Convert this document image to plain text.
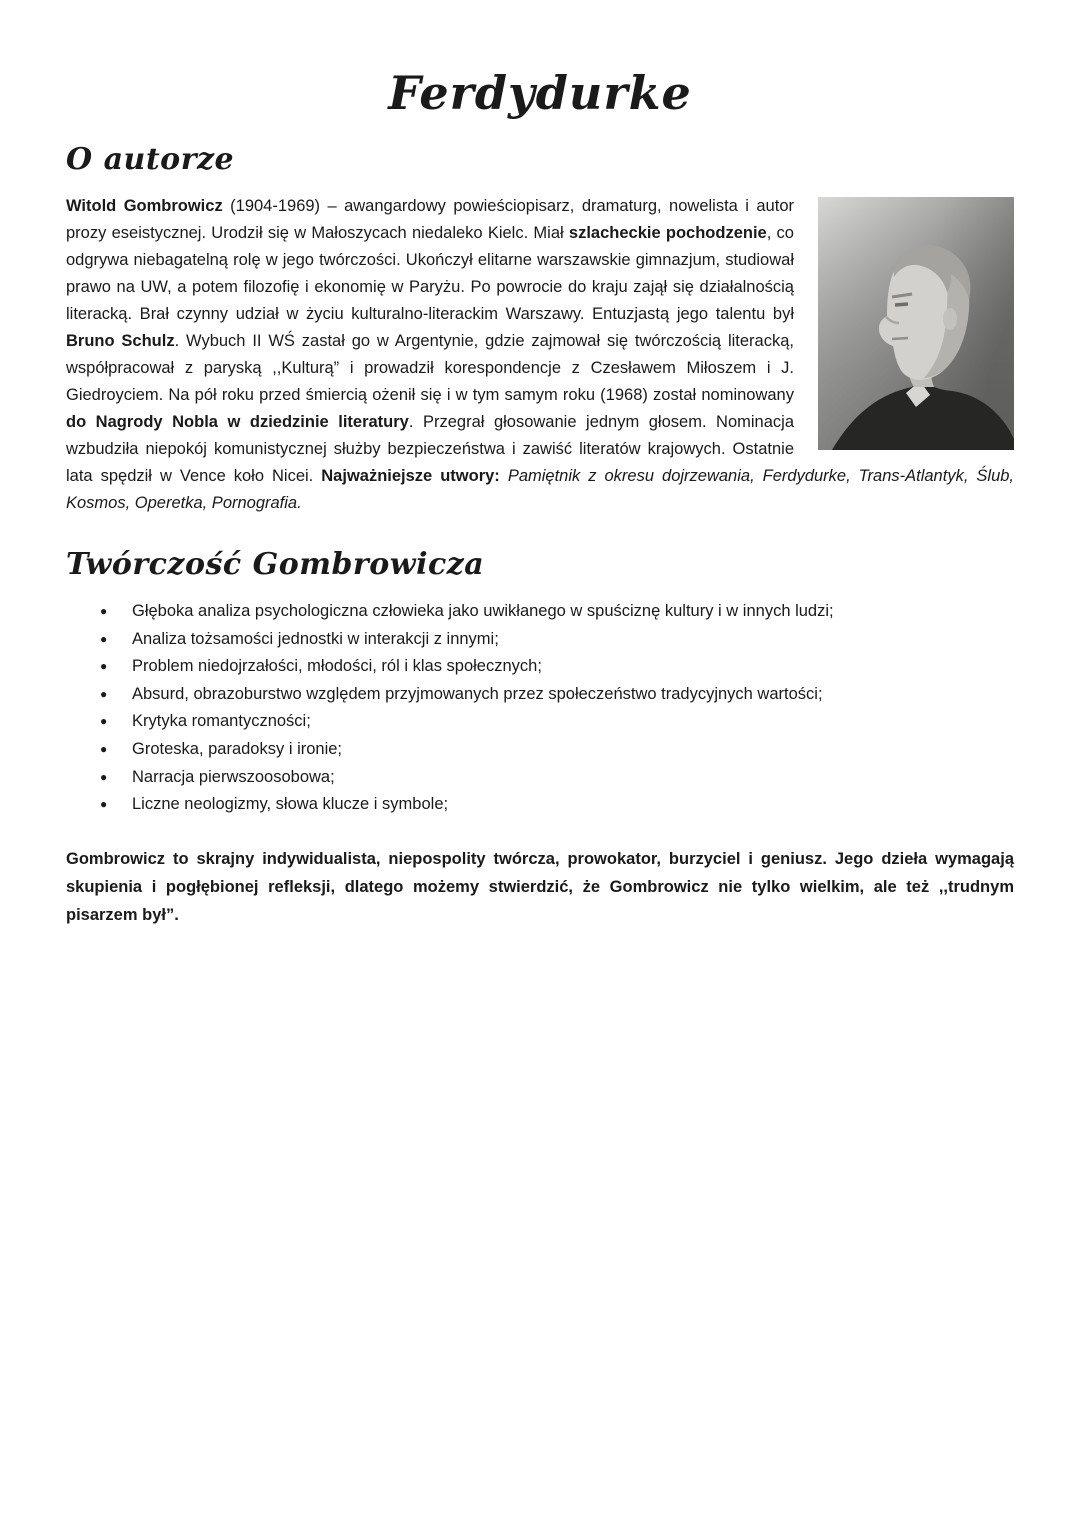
Ferdydurke
O autorze

Witold Gombrowicz (1904-1969) – awangardowy powieściopisarz, dramaturg, nowelista i autor prozy eseistycznej. Urodził się w Małoszycach niedaleko Kielc. Miał szlacheckie pochodzenie, co odgrywa niebagatelną rolę w jego twórczości. Ukończył elitarne warszawskie gimnazjum, studiował prawo na UW, a potem filozofię i ekonomię w Paryżu. Po powrocie do kraju zajął się działalnością literacką. Brał czynny udział w życiu kulturalno-literackim Warszawy. Entuzjastą jego talentu był Bruno Schulz. Wybuch II WŚ zastał go w Argentynie, gdzie zajmował się twórczością literacką, współpracował z paryską ,,Kulturą” i prowadził korespondencje z Czesławem Miłoszem i J. Giedroyciem. Na pół roku przed śmiercią ożenił się i w tym samym roku (1968) został nominowany do Nagrody Nobla w dziedzinie literatury. Przegrał głosowanie jednym głosem. Nominacja wzbudziła niepokój komunistycznej służby bezpieczeństwa i zawiść literatów krajowych. Ostatnie lata spędził w Vence koło Nicei. Najważniejsze utwory: Pamiętnik z okresu dojrzewania, Ferdydurke, Trans-Atlantyk, Ślub, Kosmos, Operetka, Pornografia.

Twórczość Gombrowicza
● Głęboka analiza psychologiczna człowieka jako uwikłanego w spuściznę kultury i w innych ludzi;
● Analiza tożsamości jednostki w interakcji z innymi;
● Problem niedojrzałości, młodości, ról i klas społecznych;
● Absurd, obrazoburstwo względem przyjmowanych przez społeczeństwo tradycyjnych wartości;
● Krytyka romantyczności;
● Groteska, paradoksy i ironie;
● Narracja pierwszoosobowa;
● Liczne neologizmy, słowa klucze i symbole;

Gombrowicz to skrajny indywidualista, niepospolity twórcza, prowokator, burzyciel i geniusz. Jego dzieła wymagają skupienia i pogłębionej refleksji, dlatego możemy stwierdzić, że Gombrowicz nie tylko wielkim, ale też ,,trudnym pisarzem był”.
